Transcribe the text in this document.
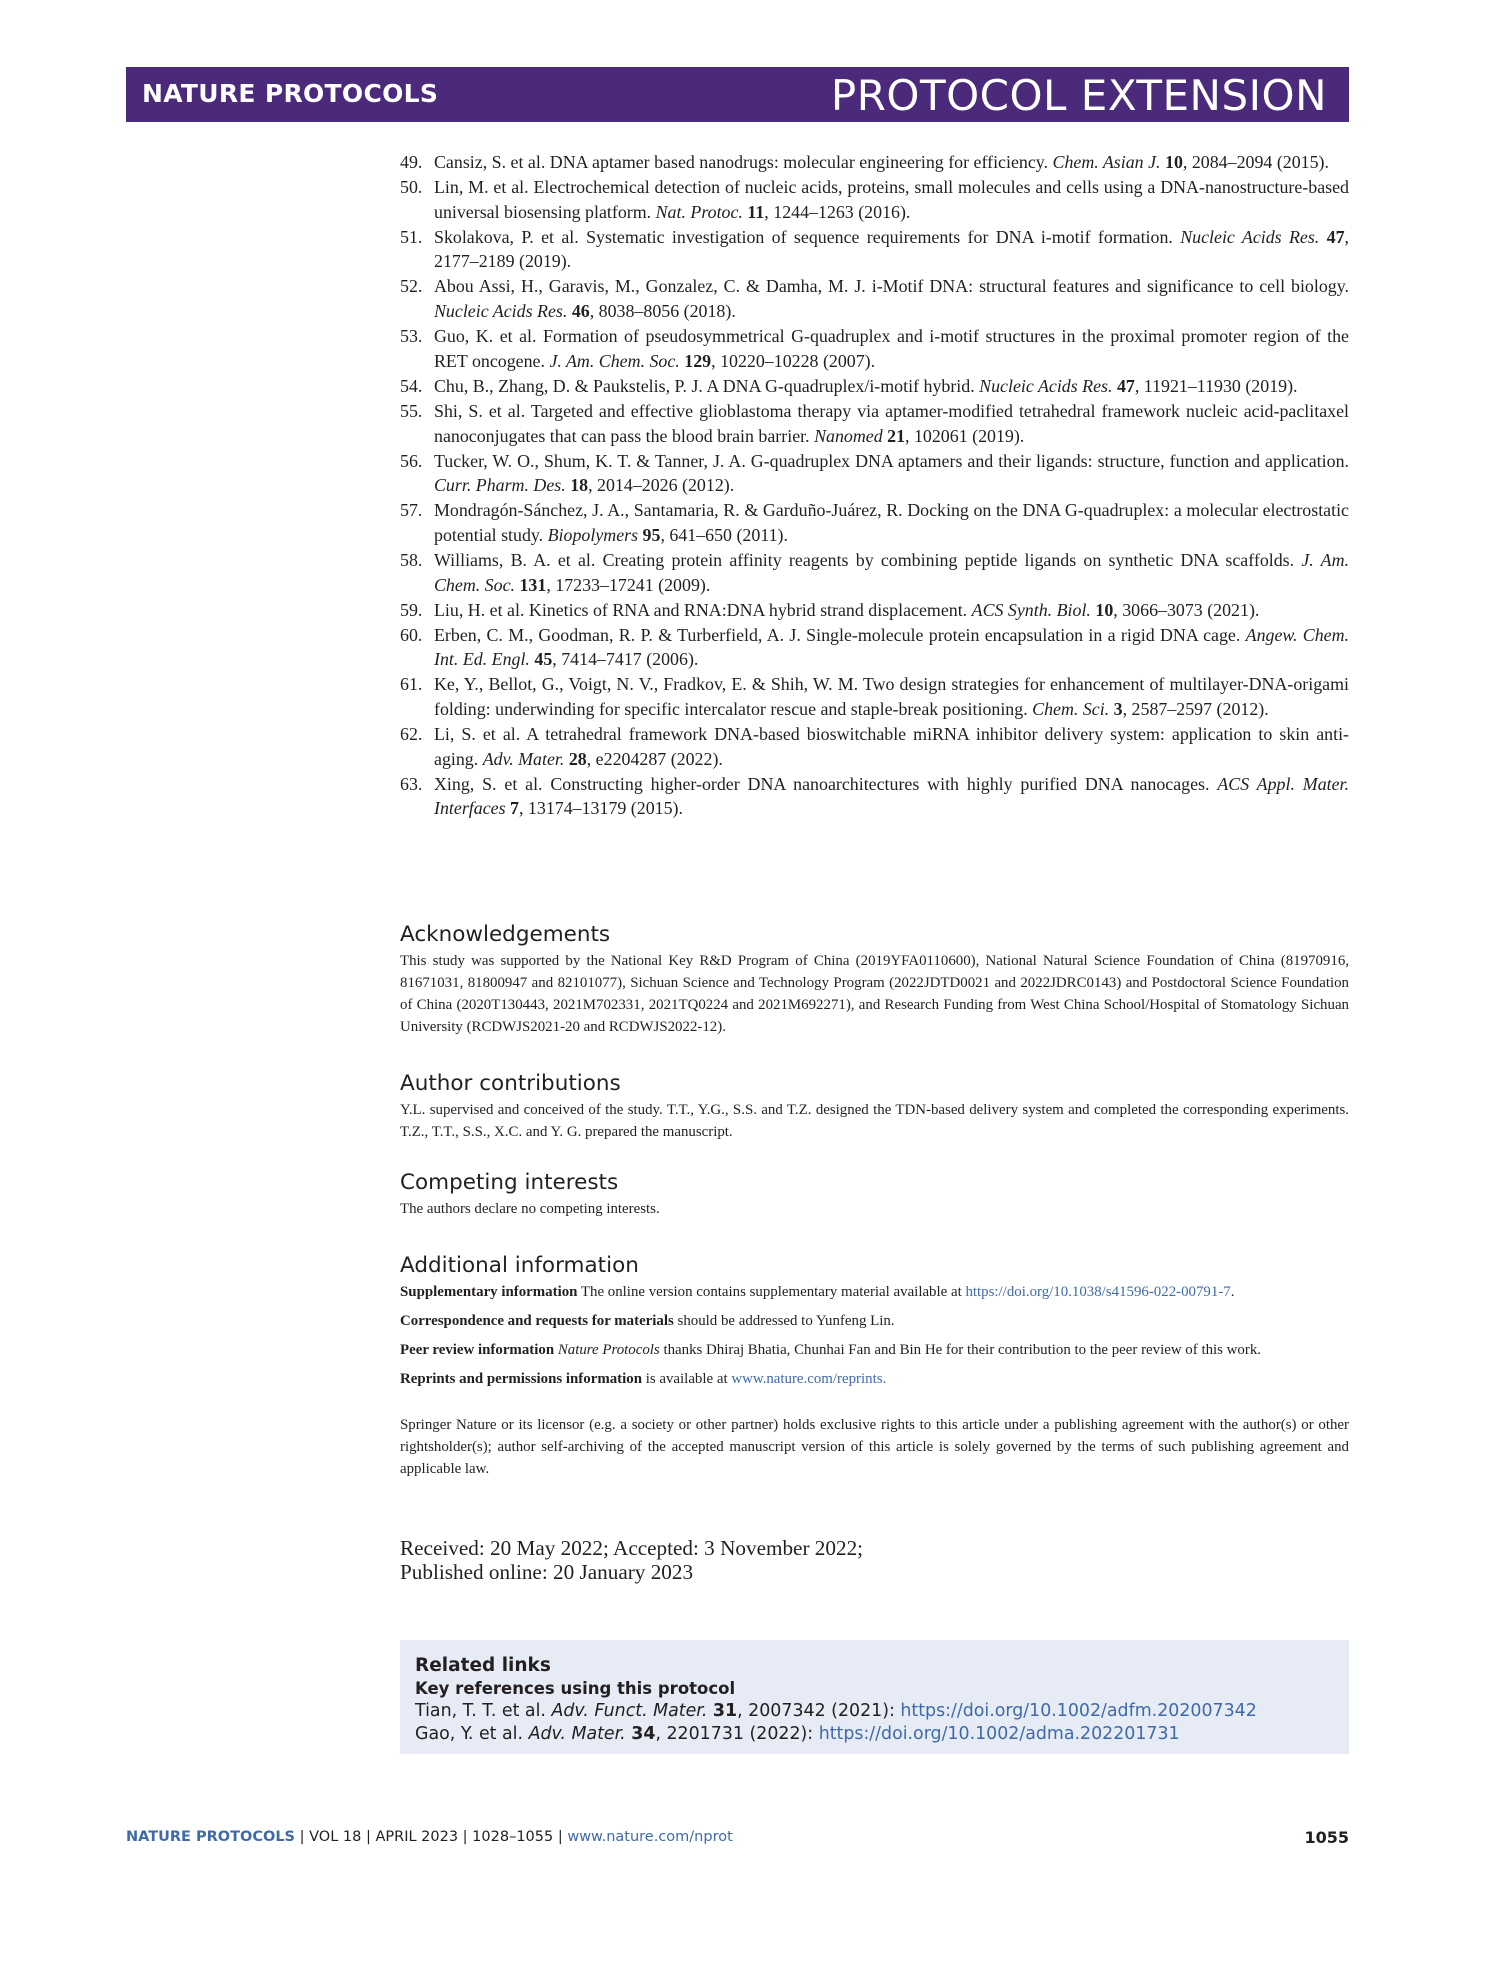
NATURE PROTOCOLS	PROTOCOL EXTENSION
49. Cansiz, S. et al. DNA aptamer based nanodrugs: molecular engineering for efficiency. Chem. Asian J. 10, 2084–2094 (2015).
50. Lin, M. et al. Electrochemical detection of nucleic acids, proteins, small molecules and cells using a DNA-nanostructure-based universal biosensing platform. Nat. Protoc. 11, 1244–1263 (2016).
51. Skolakova, P. et al. Systematic investigation of sequence requirements for DNA i-motif formation. Nucleic Acids Res. 47, 2177–2189 (2019).
52. Abou Assi, H., Garavis, M., Gonzalez, C. & Damha, M. J. i-Motif DNA: structural features and significance to cell biology. Nucleic Acids Res. 46, 8038–8056 (2018).
53. Guo, K. et al. Formation of pseudosymmetrical G-quadruplex and i-motif structures in the proximal promoter region of the RET oncogene. J. Am. Chem. Soc. 129, 10220–10228 (2007).
54. Chu, B., Zhang, D. & Paukstelis, P. J. A DNA G-quadruplex/i-motif hybrid. Nucleic Acids Res. 47, 11921–11930 (2019).
55. Shi, S. et al. Targeted and effective glioblastoma therapy via aptamer-modified tetrahedral framework nucleic acid-paclitaxel nanoconjugates that can pass the blood brain barrier. Nanomed 21, 102061 (2019).
56. Tucker, W. O., Shum, K. T. & Tanner, J. A. G-quadruplex DNA aptamers and their ligands: structure, function and application. Curr. Pharm. Des. 18, 2014–2026 (2012).
57. Mondragón-Sánchez, J. A., Santamaria, R. & Garduño-Juárez, R. Docking on the DNA G-quadruplex: a molecular electrostatic potential study. Biopolymers 95, 641–650 (2011).
58. Williams, B. A. et al. Creating protein affinity reagents by combining peptide ligands on synthetic DNA scaffolds. J. Am. Chem. Soc. 131, 17233–17241 (2009).
59. Liu, H. et al. Kinetics of RNA and RNA:DNA hybrid strand displacement. ACS Synth. Biol. 10, 3066–3073 (2021).
60. Erben, C. M., Goodman, R. P. & Turberfield, A. J. Single-molecule protein encapsulation in a rigid DNA cage. Angew. Chem. Int. Ed. Engl. 45, 7414–7417 (2006).
61. Ke, Y., Bellot, G., Voigt, N. V., Fradkov, E. & Shih, W. M. Two design strategies for enhancement of multilayer-DNA-origami folding: underwinding for specific intercalator rescue and staple-break positioning. Chem. Sci. 3, 2587–2597 (2012).
62. Li, S. et al. A tetrahedral framework DNA-based bioswitchable miRNA inhibitor delivery system: application to skin anti-aging. Adv. Mater. 28, e2204287 (2022).
63. Xing, S. et al. Constructing higher-order DNA nanoarchitectures with highly purified DNA nanocages. ACS Appl. Mater. Interfaces 7, 13174–13179 (2015).
Acknowledgements

This study was supported by the National Key R&D Program of China (2019YFA0110600), National Natural Science Foundation of China (81970916, 81671031, 81800947 and 82101077), Sichuan Science and Technology Program (2022JDTD0021 and 2022JDRC0143) and Postdoctoral Science Foundation of China (2020T130443, 2021M702331, 2021TQ0224 and 2021M692271), and Research Funding from West China School/Hospital of Stomatology Sichuan University (RCDWJS2021-20 and RCDWJS2022-12).

Author contributions

Y.L. supervised and conceived of the study. T.T., Y.G., S.S. and T.Z. designed the TDN-based delivery system and completed the corresponding experiments. T.Z., T.T., S.S., X.C. and Y. G. prepared the manuscript.

Competing interests

The authors declare no competing interests.

Additional information

Supplementary information The online version contains supplementary material available at https://doi.org/10.1038/s41596-022-00791-7.

Correspondence and requests for materials should be addressed to Yunfeng Lin.

Peer review information Nature Protocols thanks Dhiraj Bhatia, Chunhai Fan and Bin He for their contribution to the peer review of this work.

Reprints and permissions information is available at www.nature.com/reprints.

Springer Nature or its licensor (e.g. a society or other partner) holds exclusive rights to this article under a publishing agreement with the author(s) or other rightsholder(s); author self-archiving of the accepted manuscript version of this article is solely governed by the terms of such publishing agreement and applicable law.

Received: 20 May 2022; Accepted: 3 November 2022;
Published online: 20 January 2023
Related links
Key references using this protocol
Tian, T. T. et al. Adv. Funct. Mater. 31, 2007342 (2021): https://doi.org/10.1002/adfm.202007342
Gao, Y. et al. Adv. Mater. 34, 2201731 (2022): https://doi.org/10.1002/adma.202201731
NATURE PROTOCOLS | VOL 18 | APRIL 2023 | 1028–1055 | www.nature.com/nprot	1055
